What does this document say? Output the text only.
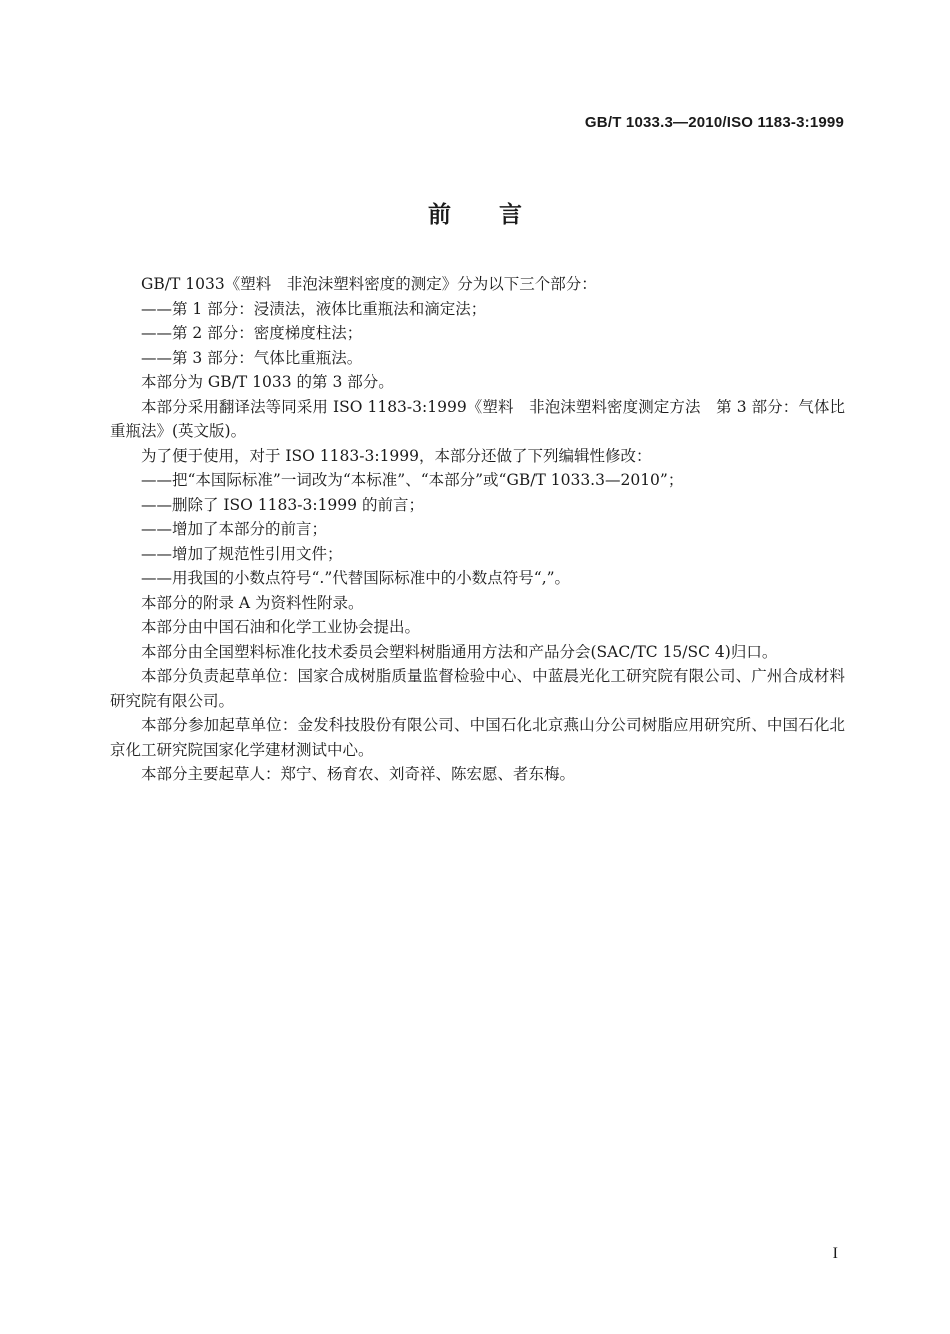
GB/T 1033.3—2010/ISO 1183-3:1999
前言

GB/T 1033《塑料　非泡沫塑料密度的测定》分为以下三个部分：

——第 1 部分：浸渍法，液体比重瓶法和滴定法；

——第 2 部分：密度梯度柱法；

——第 3 部分：气体比重瓶法。

本部分为 GB/T 1033 的第 3 部分。

本部分采用翻译法等同采用 ISO 1183-3:1999《塑料　非泡沫塑料密度测定方法　第 3 部分：气体比重瓶法》(英文版)。

为了便于使用，对于 ISO 1183-3:1999，本部分还做了下列编辑性修改：

——把“本国际标准”一词改为“本标准”、“本部分”或“GB/T 1033.3—2010”；

——删除了 ISO 1183-3:1999 的前言；

——增加了本部分的前言；

——增加了规范性引用文件；

——用我国的小数点符号“.”代替国际标准中的小数点符号“,”。

本部分的附录 A 为资料性附录。

本部分由中国石油和化学工业协会提出。

本部分由全国塑料标准化技术委员会塑料树脂通用方法和产品分会(SAC/TC 15/SC 4)归口。

本部分负责起草单位：国家合成树脂质量监督检验中心、中蓝晨光化工研究院有限公司、广州合成材料研究院有限公司。

本部分参加起草单位：金发科技股份有限公司、中国石化北京燕山分公司树脂应用研究所、中国石化北京化工研究院国家化学建材测试中心。

本部分主要起草人：郑宁、杨育农、刘奇祥、陈宏愿、者东梅。

I
